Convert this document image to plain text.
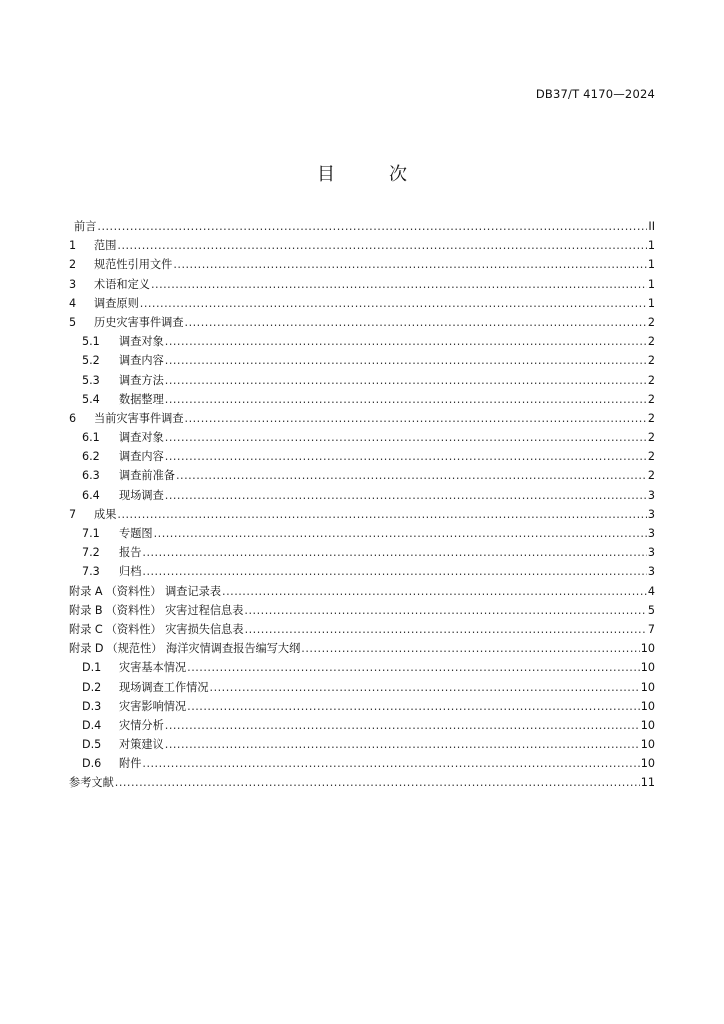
DB37/T 4170—2024
目　次
前言 .....	II
1	范围 .....	1
2	规范性引用文件 .....	1
3	术语和定义 .....	1
4	调查原则 .....	1
5	历史灾害事件调查 .....	2
5.1	调查对象 .....	2
5.2	调查内容 .....	2
5.3	调查方法 .....	2
5.4	数据整理 .....	2
6	当前灾害事件调查 .....	2
6.1	调查对象 .....	2
6.2	调查内容 .....	2
6.3	调查前准备 .....	2
6.4	现场调查 .....	3
7	成果 .....	3
7.1	专题图 .....	3
7.2	报告 .....	3
7.3	归档 .....	3
附录 A （资料性） 调查记录表 .....	4
附录 B （资料性） 灾害过程信息表 .....	5
附录 C （资料性） 灾害损失信息表 .....	7
附录 D （规范性） 海洋灾情调查报告编写大纲 .....	10
D.1	灾害基本情况 .....	10
D.2	现场调查工作情况 .....	10
D.3	灾害影响情况 .....	10
D.4	灾情分析 .....	10
D.5	对策建议 .....	10
D.6	附件 .....	10
参考文献 .....	11
